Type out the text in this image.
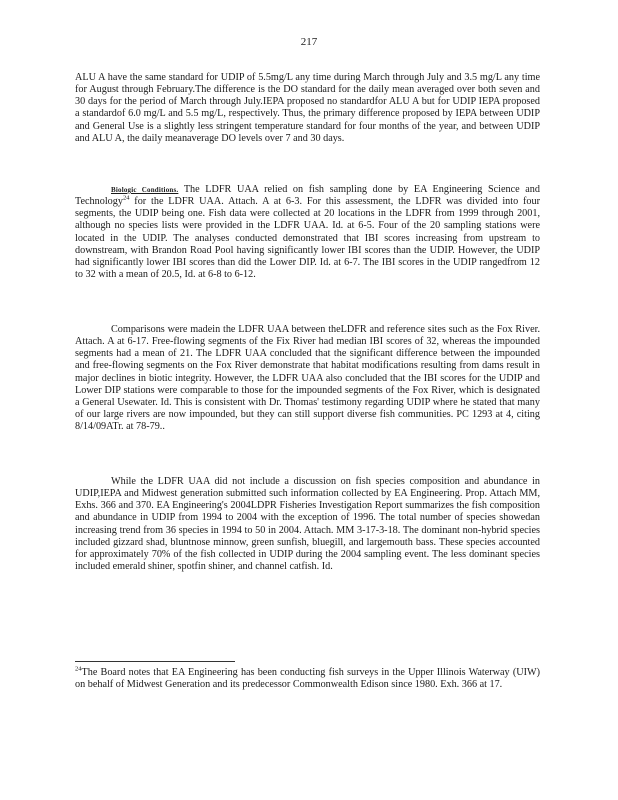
217

ALU A have the same standard for UDIP of 5.5mg/L any time during March through July and 3.5 mg/L any time for August through February.The difference is the DO standard for the daily mean averaged over both seven and 30 days for the period of March through July.IEPA proposed no standardfor ALU A but for UDIP IEPA proposed a standardof 6.0 mg/L and 5.5 mg/L, respectively. Thus, the primary difference proposed by IEPA between UDIP and General Use is a slightly less stringent temperature standard for four months of the year, and between UDIP and ALU A, the daily meanaverage DO levels over 7 and 30 days.

Biologic Conditions. The LDFR UAA relied on fish sampling done by EA Engineering Science and Technology$^{24}$ for the LDFR UAA. Attach. A at 6-3. For this assessment, the LDFR was divided into four segments, the UDIP being one. Fish data were collected at 20 locations in the LDFR from 1999 through 2001, although no species lists were provided in the LDFR UAA. Id. at 6-5. Four of the 20 sampling stations were located in the UDIP. The analyses conducted demonstrated that IBI scores increasing from upstream to downstream, with Brandon Road Pool having significantly lower IBI scores than the UDIP. However, the UDIP had significantly lower IBI scores than did the Lower DIP. Id. at 6-7. The IBI scores in the UDIP rangedfrom 12 to 32 with a mean of 20.5, Id. at 6-8 to 6-12.

Comparisons were madein the LDFR UAA between theLDFR and reference sites such as the Fox River. Attach. A at 6-17. Free-flowing segments of the Fix River had median IBI scores of 32, whereas the impounded segments had a mean of 21. The LDFR UAA concluded that the significant difference between the impounded and free-flowing segments on the Fox River demonstrate that habitat modifications resulting from dams result in major declines in biotic integrity. However, the LDFR UAA also concluded that the IBI scores for the UDIP and Lower DIP stations were comparable to those for the impounded segments of the Fox River, which is designated a General Usewater. Id. This is consistent with Dr. Thomas' testimony regarding UDIP where he stated that many of our large rivers are now impounded, but they can still support diverse fish communities. PC 1293 at 4, citing 8/14/09ATr. at 78-79..

While the LDFR UAA did not include a discussion on fish species composition and abundance in UDIP,IEPA and Midwest generation submitted such information collected by EA Engineering. Prop. Attach MM, Exhs. 366 and 370. EA Engineering's 2004LDPR Fisheries Investigation Report summarizes the fish composition and abundance in UDIP from 1994 to 2004 with the exception of 1996. The total number of species showedan increasing trend from 36 species in 1994 to 50 in 2004. Attach. MM 3-17-3-18. The dominant non-hybrid species included gizzard shad, bluntnose minnow, green sunfish, bluegill, and largemouth bass. These species accounted for approximately 70% of the fish collected in UDIP during the 2004 sampling event. The less dominant species included emerald shiner, spotfin shiner, and channel catfish. Id.

$^{24}$The Board notes that EA Engineering has been conducting fish surveys in the Upper Illinois Waterway (UIW) on behalf of Midwest Generation and its predecessor Commonwealth Edison since 1980. Exh. 366 at 17.
